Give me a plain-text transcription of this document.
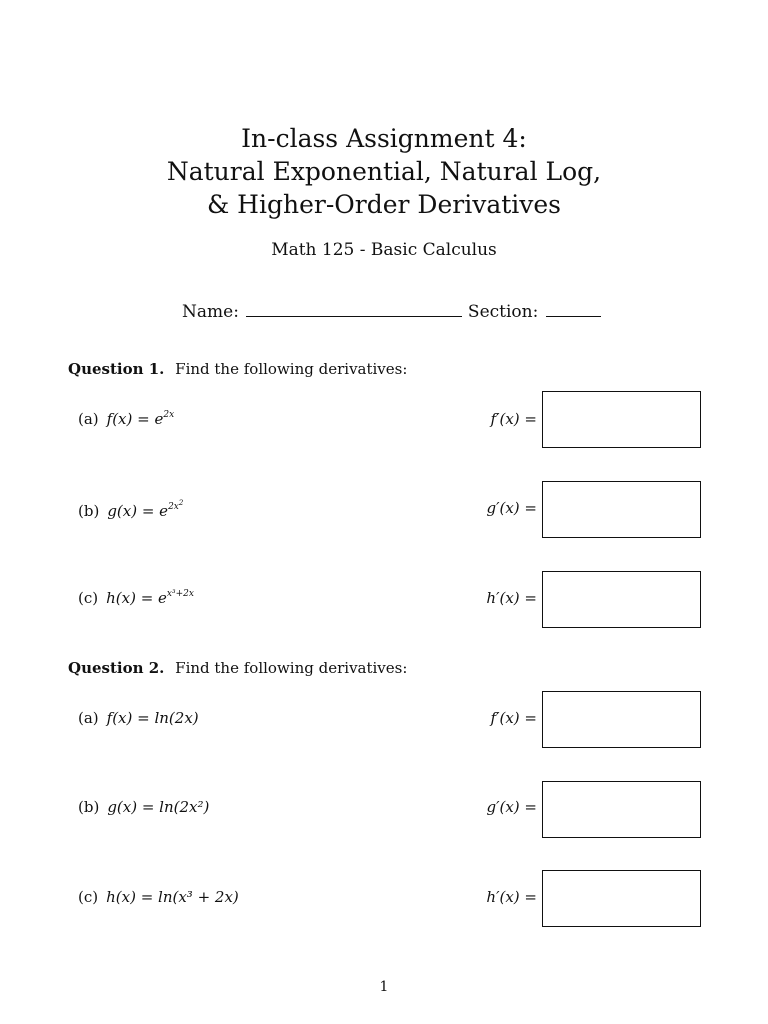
In-class Assignment 4:
Natural Exponential, Natural Log,
& Higher-Order Derivatives
Math 125 - Basic Calculus
Name:	Section:
Question 1. Find the following derivatives:
(a) $f(x) = e^{2x}$	f′(x) =
(b) $g(x) = e^{2x^2}$	g′(x) =
(c) $h(x) = e^{x^3+2x}$	h′(x) =
Question 2. Find the following derivatives:
(a) f(x) = ln(2x)	f′(x) =
(b) g(x) = ln(2x²)	g′(x) =
(c) h(x) = ln(x³ + 2x)	h′(x) =
1
